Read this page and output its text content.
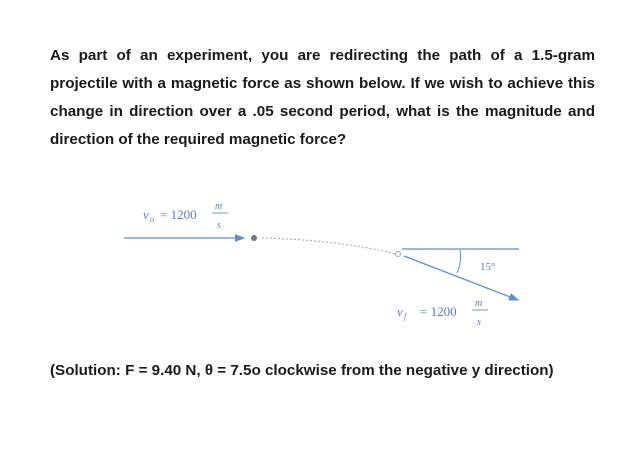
As part of an experiment, you are redirecting the path of a 1.5-gram projectile with a magnetic force as shown below. If we wish to achieve this change in direction over a .05 second period, what is the magnitude and direction of the required magnetic force?

v o = 1200
m
s
15°
v f = 1200
m
s

(Solution: F = 9.40 N, θ = 7.5o clockwise from the negative y direction)
